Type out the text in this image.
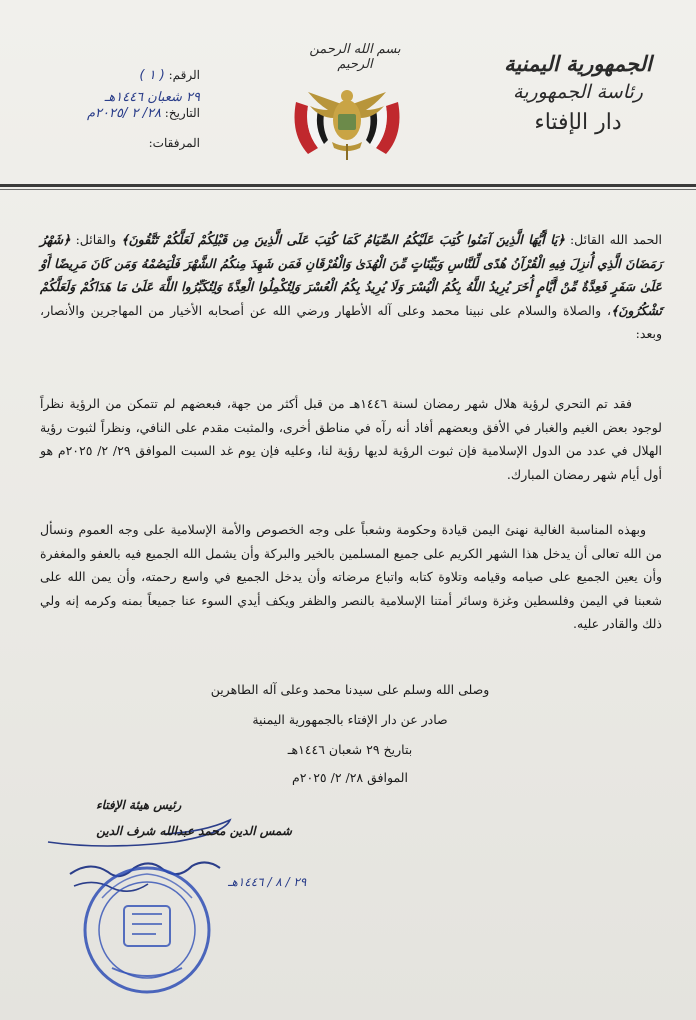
الجمهورية اليمنية
رئاسة الجمهورية
دار الإفتاء
بسم الله الرحمن الرحيم
الرقم: ( ١ )
٢٩ شعبان ١٤٤٦هـ
التاريخ: ٢٨/ ٢ /٢٠٢٥م
المرفقات:
الحمد الله القائل: ﴿يَا أَيُّهَا الَّذِينَ آمَنُوا كُتِبَ عَلَيْكُمُ الصِّيَامُ كَمَا كُتِبَ عَلَى الَّذِينَ مِن قَبْلِكُمْ لَعَلَّكُمْ تَتَّقُونَ﴾ والقائل: ﴿شَهْرُ رَمَضَانَ الَّذِي أُنزِلَ فِيهِ الْقُرْآنُ هُدًى لِّلنَّاسِ وَبَيِّنَاتٍ مِّنَ الْهُدَىٰ وَالْفُرْقَانِ فَمَن شَهِدَ مِنكُمُ الشَّهْرَ فَلْيَصُمْهُ وَمَن كَانَ مَرِيضًا أَوْ عَلَىٰ سَفَرٍ فَعِدَّةٌ مِّنْ أَيَّامٍ أُخَرَ يُرِيدُ اللَّهُ بِكُمُ الْيُسْرَ وَلَا يُرِيدُ بِكُمُ الْعُسْرَ وَلِتُكْمِلُوا الْعِدَّةَ وَلِتُكَبِّرُوا اللَّهَ عَلَىٰ مَا هَدَاكُمْ وَلَعَلَّكُمْ تَشْكُرُونَ﴾، والصلاة والسلام على نبينا محمد وعلى آله الأطهار ورضي الله عن أصحابه الأخيار من المهاجرين والأنصار، وبعد:
فقد تم التحري لرؤية هلال شهر رمضان لسنة ١٤٤٦هـ من قبل أكثر من جهة، فبعضهم لم تتمكن من الرؤية نظراً لوجود بعض الغيم والغبار في الأفق وبعضهم أفاد أنه رآه في مناطق أخرى، والمثبت مقدم على النافي، ونظراً لثبوت رؤية الهلال في عدد من الدول الإسلامية فإن ثبوت الرؤية لديها رؤية لنا، وعليه فإن يوم غد السبت الموافق ٢٩/ ٢/ ٢٠٢٥م هو أول أيام شهر رمضان المبارك.
وبهذه المناسبة الغالية نهنئ اليمن قيادة وحكومة وشعباً على وجه الخصوص والأمة الإسلامية على وجه العموم ونسأل من الله تعالى أن يدخل هذا الشهر الكريم على جميع المسلمين بالخير والبركة وأن يشمل الله الجميع فيه بالعفو والمغفرة وأن يعين الجميع على صيامه وقيامه وتلاوة كتابه واتباع مرضاته وأن يدخل الجميع في واسع رحمته، وأن يمن الله على شعبنا في اليمن وفلسطين وغزة وسائر أمتنا الإسلامية بالنصر والظفر ويكف أيدي السوء عنا جميعاً بمنه وكرمه إنه ولي ذلك والقادر عليه.
وصلى الله وسلم على سيدنا محمد وعلى آله الطاهرين
صادر عن دار الإفتاء بالجمهورية اليمنية
بتاريخ ٢٩ شعبان ١٤٤٦هـ
الموافق ٢٨/ ٢/ ٢٠٢٥م
رئيس هيئة الإفتاء
شمس الدين محمد عبدالله شرف الدين
٢٩ / ٨ / ١٤٤٦هـ
